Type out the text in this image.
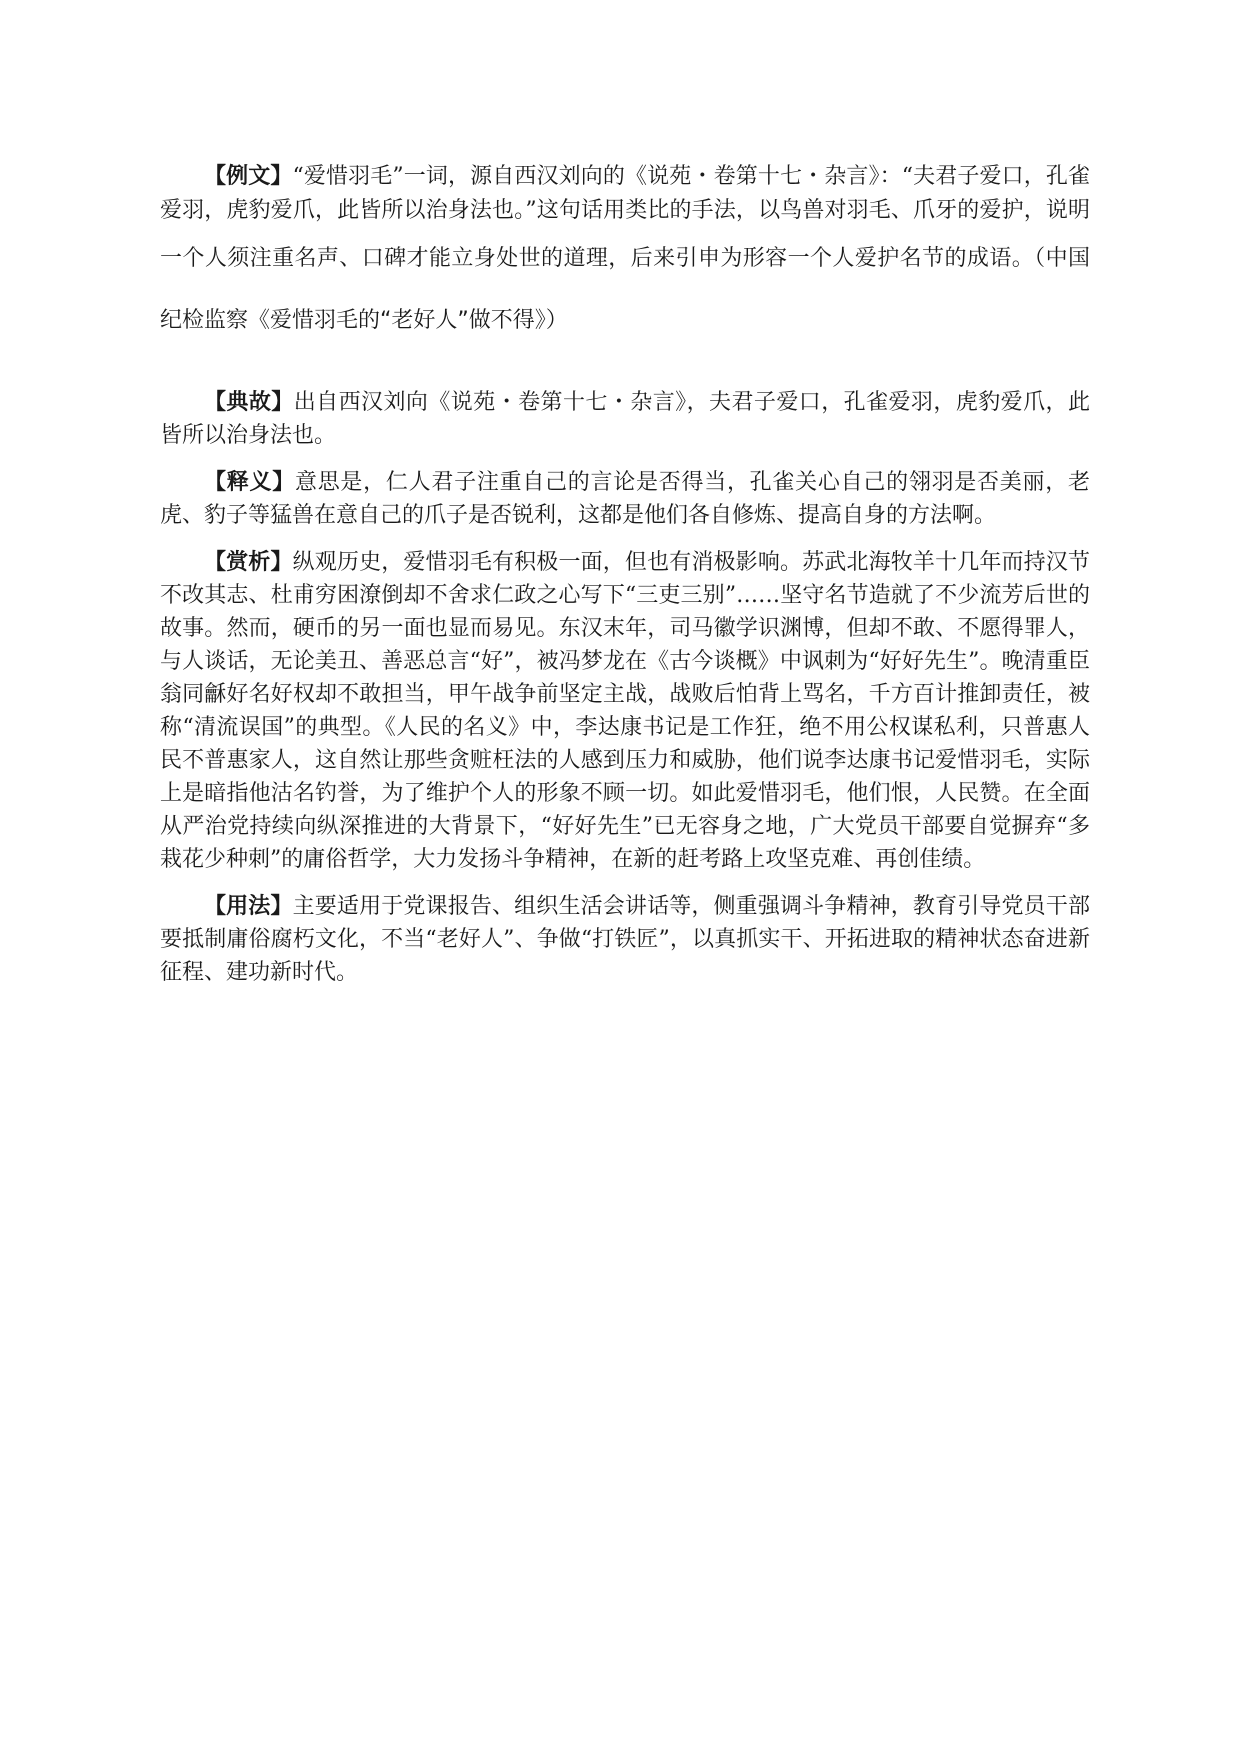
【例文】“爱惜羽毛”一词，源自西汉刘向的《说苑・卷第十七・杂言》：“夫君子爱口，孔雀爱羽，虎豹爱爪，此皆所以治身法也。”这句话用类比的手法，以鸟兽对羽毛、爪牙的爱护，说明一个人须注重名声、口碑才能立身处世的道理，后来引申为形容一个人爱护名节的成语。（中国纪检监察《爱惜羽毛的“老好人”做不得》）

【典故】出自西汉刘向《说苑・卷第十七・杂言》，夫君子爱口，孔雀爱羽，虎豹爱爪，此皆所以治身法也。

【释义】意思是，仁人君子注重自己的言论是否得当，孔雀关心自己的翎羽是否美丽，老虎、豹子等猛兽在意自己的爪子是否锐利，这都是他们各自修炼、提高自身的方法啊。

【赏析】纵观历史，爱惜羽毛有积极一面，但也有消极影响。苏武北海牧羊十几年而持汉节不改其志、杜甫穷困潦倒却不舍求仁政之心写下“三吏三别”……坚守名节造就了不少流芳后世的故事。然而，硬币的另一面也显而易见。东汉末年，司马徽学识渊博，但却不敢、不愿得罪人，与人谈话，无论美丑、善恶总言“好”，被冯梦龙在《古今谈概》中讽刺为“好好先生”。晚清重臣翁同龢好名好权却不敢担当，甲午战争前坚定主战，战败后怕背上骂名，千方百计推卸责任，被称“清流误国”的典型。《人民的名义》中，李达康书记是工作狂，绝不用公权谋私利，只普惠人民不普惠家人，这自然让那些贪赃枉法的人感到压力和威胁，他们说李达康书记爱惜羽毛，实际上是暗指他沽名钓誉，为了维护个人的形象不顾一切。如此爱惜羽毛，他们恨，人民赞。在全面从严治党持续向纵深推进的大背景下，“好好先生”已无容身之地，广大党员干部要自觉摒弃“多栽花少种刺”的庸俗哲学，大力发扬斗争精神，在新的赶考路上攻坚克难、再创佳绩。

【用法】主要适用于党课报告、组织生活会讲话等，侧重强调斗争精神，教育引导党员干部要抵制庸俗腐朽文化，不当“老好人”、争做“打铁匠”，以真抓实干、开拓进取的精神状态奋进新征程、建功新时代。
